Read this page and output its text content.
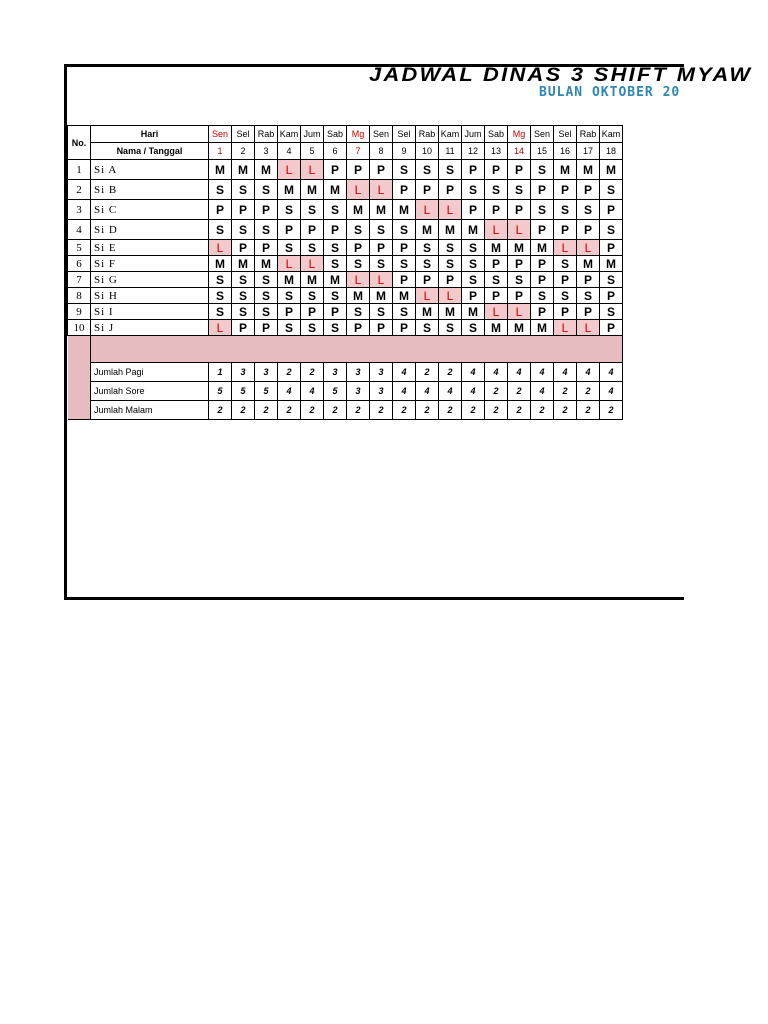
JADWAL DINAS 3 SHIFT MYAW
BULAN OKTOBER 20
No.	Hari	Sen	Sel	Rab	Kam	Jum	Sab	Mg	Sen	Sel	Rab	Kam	Jum	Sab	Mg	Sen	Sel	Rab	Kam
	Nama / Tanggal	1	2	3	4	5	6	7	8	9	10	11	12	13	14	15	16	17	18
1	Si A	M	M	M	L	L	P	P	P	S	S	S	P	P	P	S	M	M	M
2	Si B	S	S	S	M	M	M	L	L	P	P	P	S	S	S	P	P	P	S
3	Si C	P	P	P	S	S	S	M	M	M	L	L	P	P	P	S	S	S	P
4	Si D	S	S	S	P	P	P	S	S	S	M	M	M	L	L	P	P	P	S
5	Si E	L	P	P	S	S	S	P	P	P	S	S	S	M	M	M	L	L	P
6	Si F	M	M	M	L	L	S	S	S	S	S	S	S	P	P	P	S	M	M
7	Si G	S	S	S	M	M	M	L	L	P	P	P	S	S	S	P	P	P	S
8	Si H	S	S	S	S	S	S	M	M	M	L	L	P	P	P	S	S	S	P
9	Si I	S	S	S	P	P	P	S	S	S	M	M	M	L	L	P	P	P	S
10	Si J	L	P	P	S	S	S	P	P	P	S	S	S	M	M	M	L	L	P

	Jumlah Pagi	1	3	3	2	2	3	3	3	4	2	2	4	4	4	4	4	4	4
	Jumlah Sore	5	5	5	4	4	5	3	3	4	4	4	4	2	2	4	2	2	4
	Jumlah Malam	2	2	2	2	2	2	2	2	2	2	2	2	2	2	2	2	2	2
